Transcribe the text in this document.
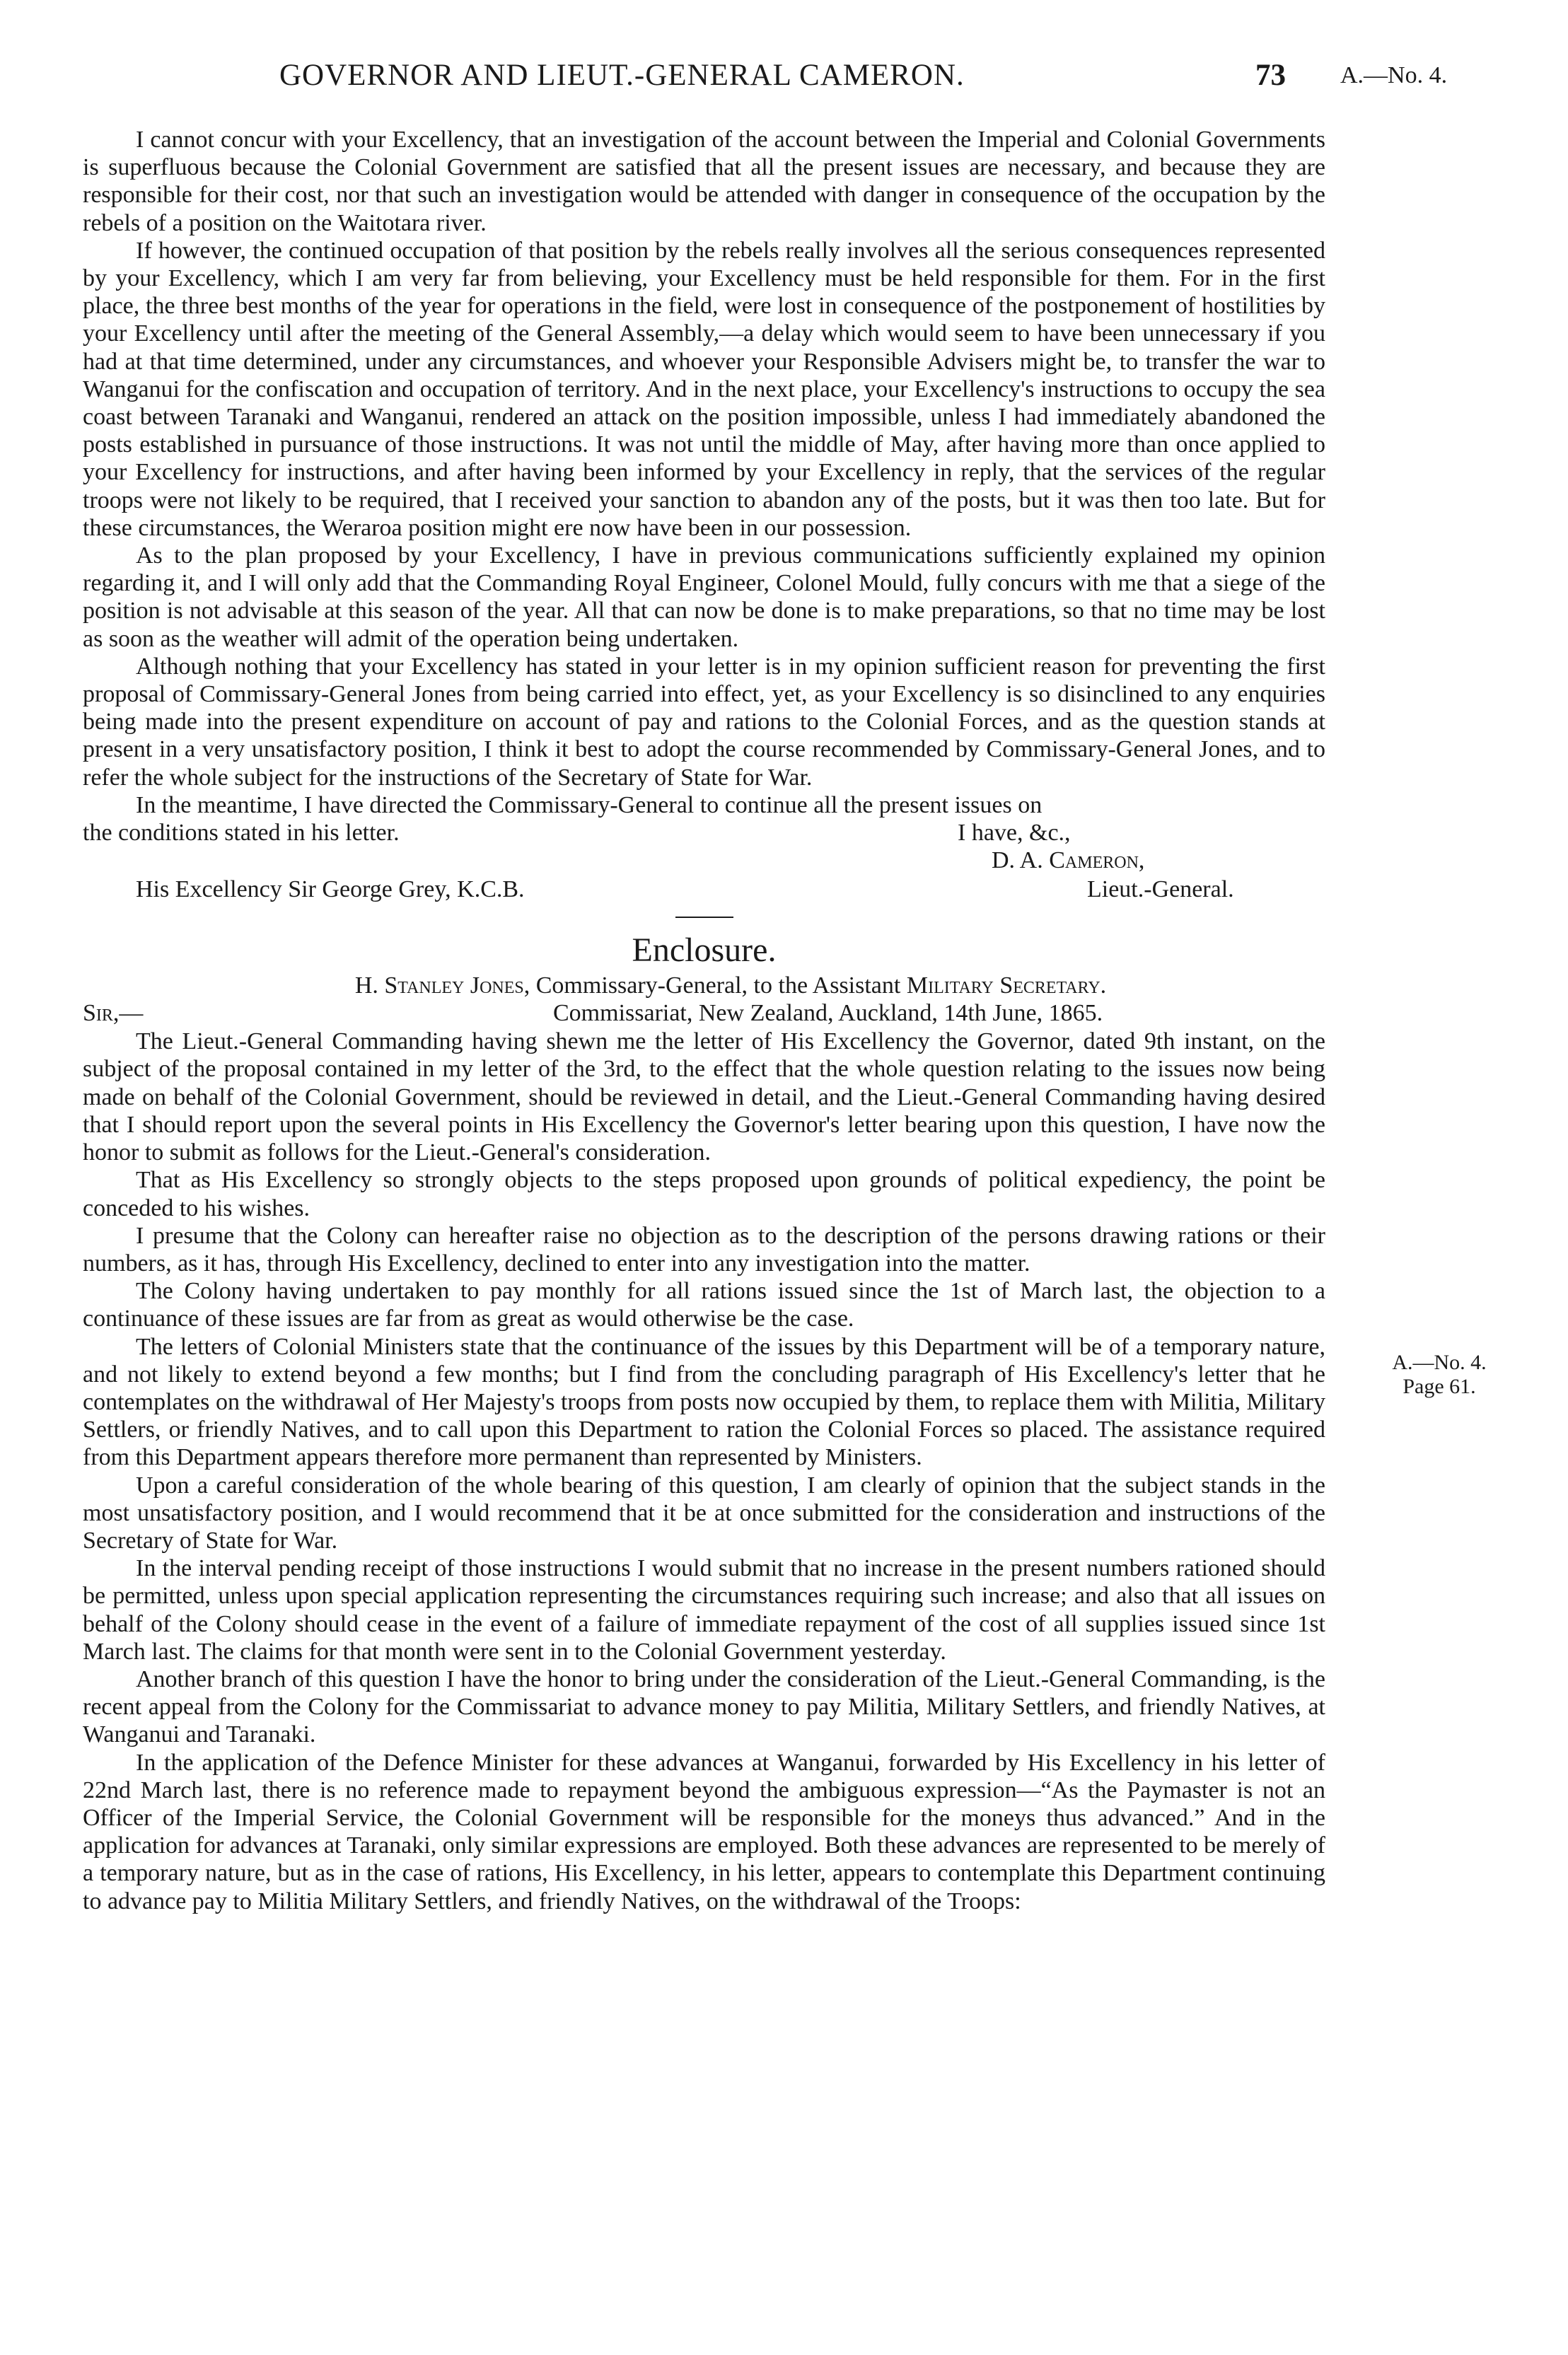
GOVERNOR AND LIEUT.-GENERAL CAMERON.	73 A.—No. 4.

I cannot concur with your Excellency, that an investigation of the account between the Imperial and Colonial Governments is superfluous because the Colonial Government are satisfied that all the present issues are necessary, and because they are responsible for their cost, nor that such an investigation would be attended with danger in consequence of the occupation by the rebels of a position on the Waitotara river.

If however, the continued occupation of that position by the rebels really involves all the serious consequences represented by your Excellency, which I am very far from believing, your Excellency must be held responsible for them. For in the first place, the three best months of the year for operations in the field, were lost in consequence of the postponement of hostilities by your Excellency until after the meeting of the General Assembly,—a delay which would seem to have been unnecessary if you had at that time determined, under any circumstances, and whoever your Responsible Advisers might be, to transfer the war to Wanganui for the confiscation and occupation of territory. And in the next place, your Excellency's instructions to occupy the sea coast between Taranaki and Wanganui, rendered an attack on the position impossible, unless I had immediately abandoned the posts established in pursuance of those instructions. It was not until the middle of May, after having more than once applied to your Excellency for instructions, and after having been informed by your Excellency in reply, that the services of the regular troops were not likely to be required, that I received your sanction to abandon any of the posts, but it was then too late. But for these circumstances, the Weraroa position might ere now have been in our possession.

As to the plan proposed by your Excellency, I have in previous communications sufficiently explained my opinion regarding it, and I will only add that the Commanding Royal Engineer, Colonel Mould, fully concurs with me that a siege of the position is not advisable at this season of the year. All that can now be done is to make preparations, so that no time may be lost as soon as the weather will admit of the operation being undertaken.

Although nothing that your Excellency has stated in your letter is in my opinion sufficient reason for preventing the first proposal of Commissary-General Jones from being carried into effect, yet, as your Excellency is so disinclined to any enquiries being made into the present expenditure on account of pay and rations to the Colonial Forces, and as the question stands at present in a very unsatisfactory position, I think it best to adopt the course recommended by Commissary-General Jones, and to refer the whole subject for the instructions of the Secretary of State for War.

In the meantime, I have directed the Commissary-General to continue all the present issues on

the conditions stated in his letter.	I have, &c.,
D. A. Cameron,
His Excellency Sir George Grey, K.C.B.	Lieut.-General.
Enclosure.

H. Stanley Jones, Commissary-General, to the Assistant Military Secretary.

Sir,—	Commissariat, New Zealand, Auckland, 14th June, 1865.

The Lieut.-General Commanding having shewn me the letter of His Excellency the Governor, dated 9th instant, on the subject of the proposal contained in my letter of the 3rd, to the effect that the whole question relating to the issues now being made on behalf of the Colonial Government, should be reviewed in detail, and the Lieut.-General Commanding having desired that I should report upon the several points in His Excellency the Governor's letter bearing upon this question, I have now the honor to submit as follows for the Lieut.-General's consideration.

That as His Excellency so strongly objects to the steps proposed upon grounds of political expediency, the point be conceded to his wishes.

I presume that the Colony can hereafter raise no objection as to the description of the persons drawing rations or their numbers, as it has, through His Excellency, declined to enter into any investigation into the matter.

The Colony having undertaken to pay monthly for all rations issued since the 1st of March last, the objection to a continuance of these issues are far from as great as would otherwise be the case.

The letters of Colonial Ministers state that the continuance of the issues by this Department will be of a temporary nature, and not likely to extend beyond a few months; but I find from the concluding paragraph of His Excellency's letter that he contemplates on the withdrawal of Her Majesty's troops from posts now occupied by them, to replace them with Militia, Military Settlers, or friendly Natives, and to call upon this Department to ration the Colonial Forces so placed. The assistance required from this Department appears therefore more permanent than represented by Ministers.

Upon a careful consideration of the whole bearing of this question, I am clearly of opinion that the subject stands in the most unsatisfactory position, and I would recommend that it be at once submitted for the consideration and instructions of the Secretary of State for War.

In the interval pending receipt of those instructions I would submit that no increase in the present numbers rationed should be permitted, unless upon special application representing the circumstances requiring such increase; and also that all issues on behalf of the Colony should cease in the event of a failure of immediate repayment of the cost of all supplies issued since 1st March last. The claims for that month were sent in to the Colonial Government yesterday.

Another branch of this question I have the honor to bring under the consideration of the Lieut.-General Commanding, is the recent appeal from the Colony for the Commissariat to advance money to pay Militia, Military Settlers, and friendly Natives, at Wanganui and Taranaki.

In the application of the Defence Minister for these advances at Wanganui, forwarded by His Excellency in his letter of 22nd March last, there is no reference made to repayment beyond the ambiguous expression—“As the Paymaster is not an Officer of the Imperial Service, the Colonial Government will be responsible for the moneys thus advanced.” And in the application for advances at Taranaki, only similar expressions are employed. Both these advances are represented to be merely of a temporary nature, but as in the case of rations, His Excellency, in his letter, appears to contemplate this Department continuing to advance pay to Militia Military Settlers, and friendly Natives, on the withdrawal of the Troops:

A.—No. 4.
Page 61.
